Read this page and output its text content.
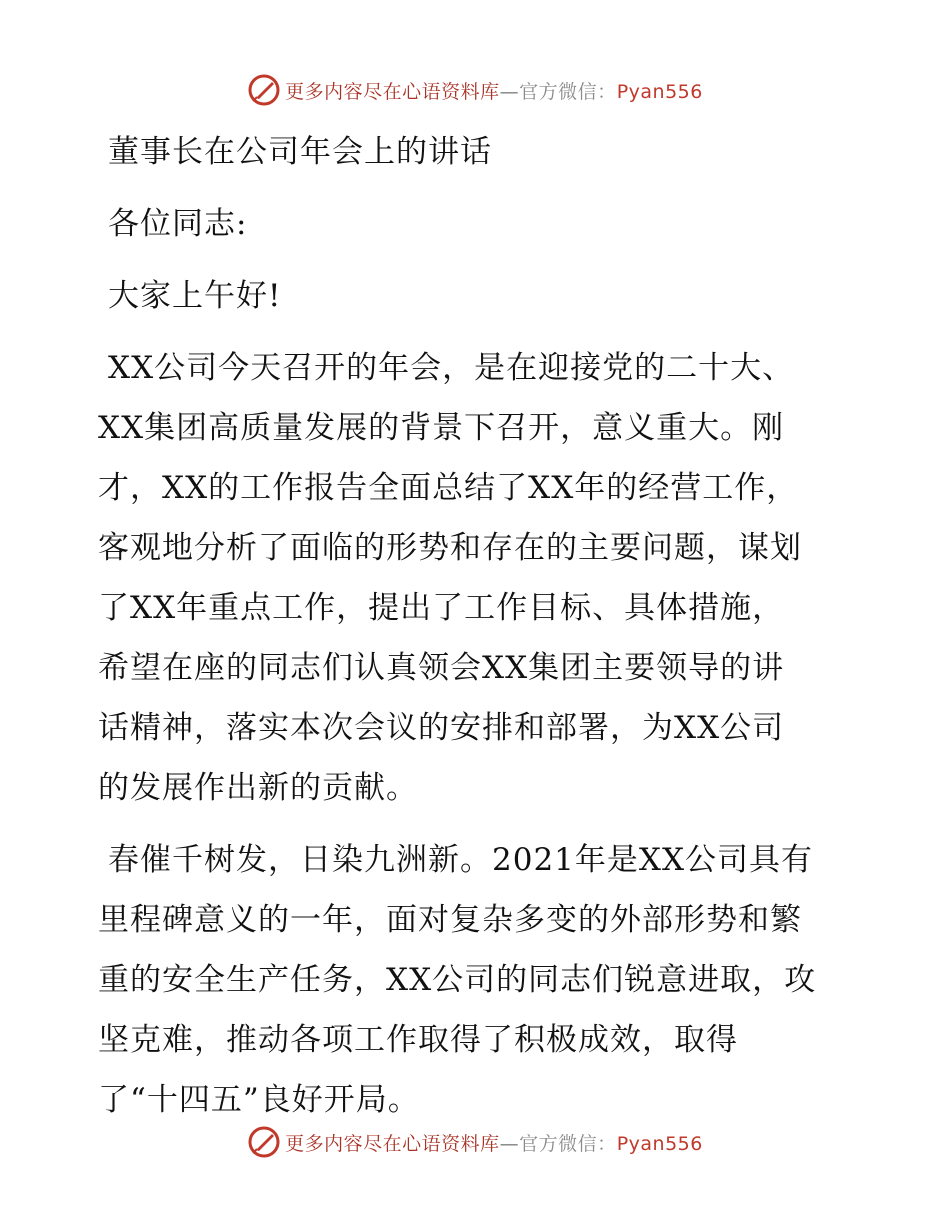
更多内容尽在心语资料库—官方微信：Pyan556
董事长在公司年会上的讲话
各位同志:
大家上午好!
XX公司今天召开的年会，是在迎接党的二十大、
XX集团高质量发展的背景下召开，意义重大。刚
才，XX的工作报告全面总结了XX年的经营工作，
客观地分析了面临的形势和存在的主要问题，谋划
了XX年重点工作，提出了工作目标、具体措施，
希望在座的同志们认真领会XX集团主要领导的讲
话精神，落实本次会议的安排和部署，为XX公司
的发展作出新的贡献。
春催千树发，日染九洲新。2021年是XX公司具有
里程碑意义的一年，面对复杂多变的外部形势和繁
重的安全生产任务，XX公司的同志们锐意进取，攻
坚克难，推动各项工作取得了积极成效，取得
了“十四五”良好开局。
更多内容尽在心语资料库—官方微信：Pyan556
